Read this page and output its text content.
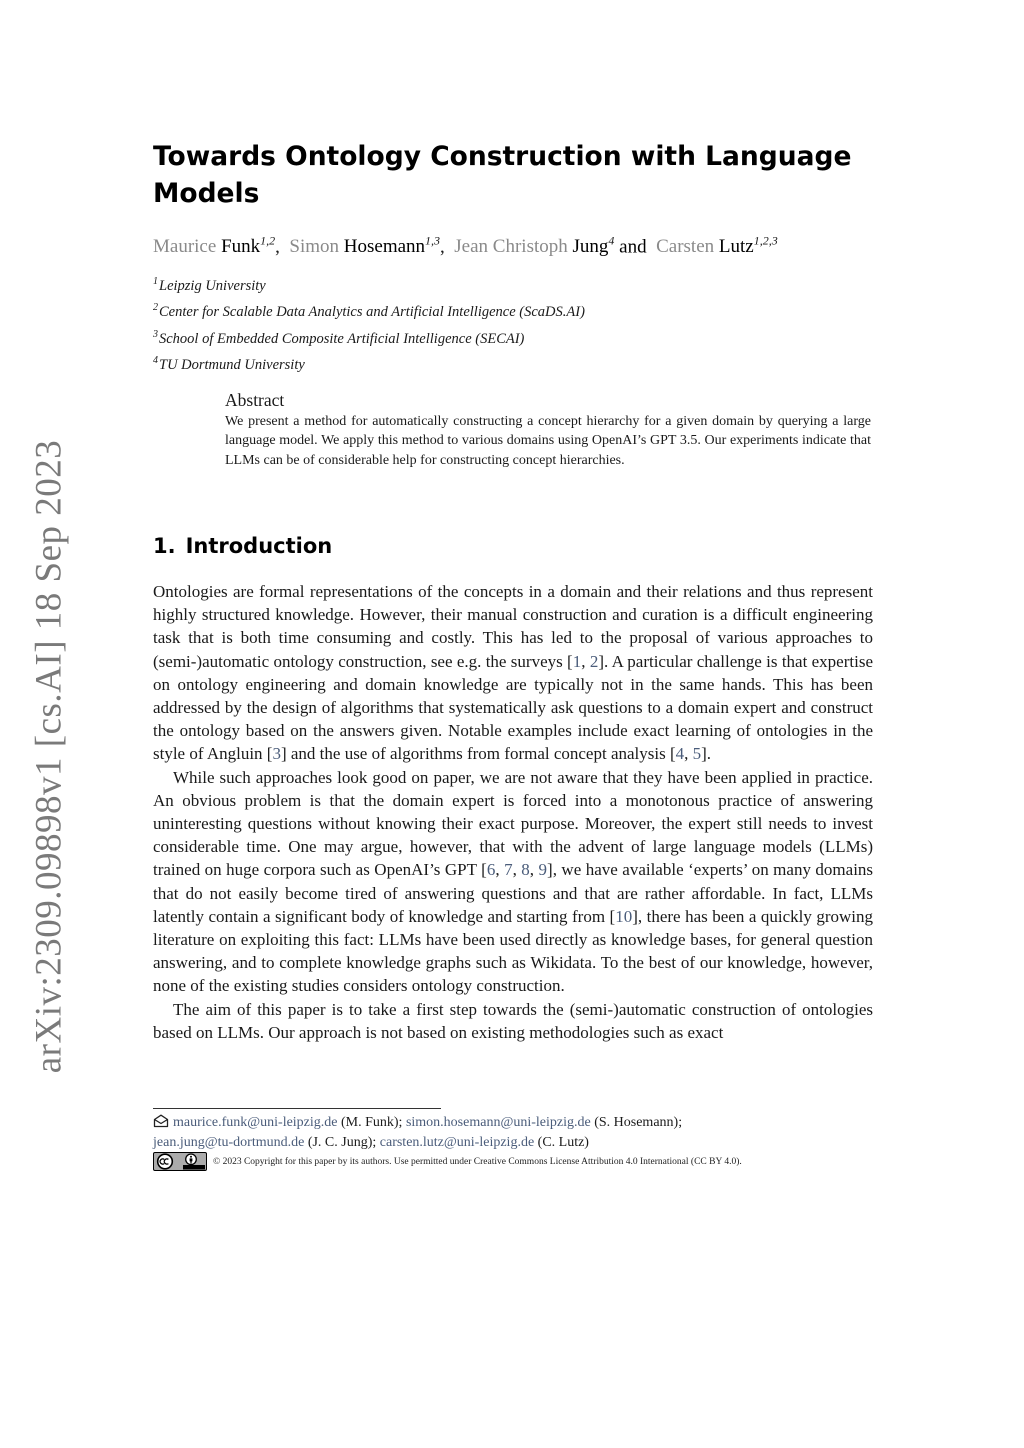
arXiv:2309.09898v1 [cs.AI] 18 Sep 2023
Towards Ontology Construction with Language Models
Maurice Funk$^{1,2}$, Simon Hosemann$^{1,3}$, Jean Christoph Jung$^4$ and Carsten Lutz$^{1,2,3}$
$^1$Leipzig University
$^2$Center for Scalable Data Analytics and Artificial Intelligence (ScaDS.AI)
$^3$School of Embedded Composite Artificial Intelligence (SECAI)
$^4$TU Dortmund University
Abstract
We present a method for automatically constructing a concept hierarchy for a given domain by querying a large language model. We apply this method to various domains using OpenAI’s GPT 3.5. Our experiments indicate that LLMs can be of considerable help for constructing concept hierarchies.
1. Introduction

Ontologies are formal representations of the concepts in a domain and their relations and thus represent highly structured knowledge. However, their manual construction and curation is a difficult engineering task that is both time consuming and costly. This has led to the proposal of various approaches to (semi-)automatic ontology construction, see e.g. the surveys [1, 2]. A particular challenge is that expertise on ontology engineering and domain knowledge are typically not in the same hands. This has been addressed by the design of algorithms that systematically ask questions to a domain expert and construct the ontology based on the answers given. Notable examples include exact learning of ontologies in the style of Angluin [3] and the use of algorithms from formal concept analysis [4, 5].

While such approaches look good on paper, we are not aware that they have been applied in practice. An obvious problem is that the domain expert is forced into a monotonous practice of answering uninteresting questions without knowing their exact purpose. Moreover, the expert still needs to invest considerable time. One may argue, however, that with the advent of large language models (LLMs) trained on huge corpora such as OpenAI’s GPT [6, 7, 8, 9], we have available ‘experts’ on many domains that do not easily become tired of answering questions and that are rather affordable. In fact, LLMs latently contain a significant body of knowledge and starting from [10], there has been a quickly growing literature on exploiting this fact: LLMs have been used directly as knowledge bases, for general question answering, and to complete knowledge graphs such as Wikidata. To the best of our knowledge, however, none of the existing studies considers ontology construction.

The aim of this paper is to take a first step towards the (semi-)automatic construction of ontologies based on LLMs. Our approach is not based on existing methodologies such as exact

maurice.funk@uni-leipzig.de (M. Funk); simon.hosemann@uni-leipzig.de (S. Hosemann);
jean.jung@tu-dortmund.de (J. C. Jung); carsten.lutz@uni-leipzig.de (C. Lutz)
© 2023 Copyright for this paper by its authors. Use permitted under Creative Commons License Attribution 4.0 International (CC BY 4.0).
